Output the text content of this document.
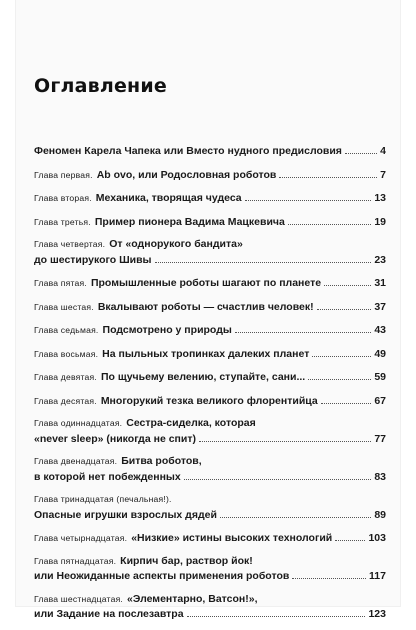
Оглавление
Феномен Карела Чапека или Вместо нудного предисловия	4
Глава первая. Ab ovo, или Родословная роботов	7
Глава вторая. Механика, творящая чудеса	13
Глава третья. Пример пионера Вадима Мацкевича	19
Глава четвертая. От «однорукого бандита»
до шестирукого Шивы	23
Глава пятая. Промышленные роботы шагают по планете	31
Глава шестая. Вкалывают роботы — счастлив человек!	37
Глава седьмая. Подсмотрено у природы	43
Глава восьмая. На пыльных тропинках далеких планет	49
Глава девятая. По щучьему велению, ступайте, сани...	59
Глава десятая. Многорукий тезка великого флорентийца	67
Глава одиннадцатая. Сестра-сиделка, которая
«never sleep» (никогда не спит)	77
Глава двенадцатая. Битва роботов,
в которой нет побежденных	83
Глава тринадцатая (печальная!).
Опасные игрушки взрослых дядей	89
Глава четырнадцатая. «Низкие» истины высоких технологий	103
Глава пятнадцатая. Кирпич бар, раствор йок!
или Неожиданные аспекты применения роботов	117
Глава шестнадцатая. «Элементарно, Ватсон!»,
или Задание на послезавтра	123
